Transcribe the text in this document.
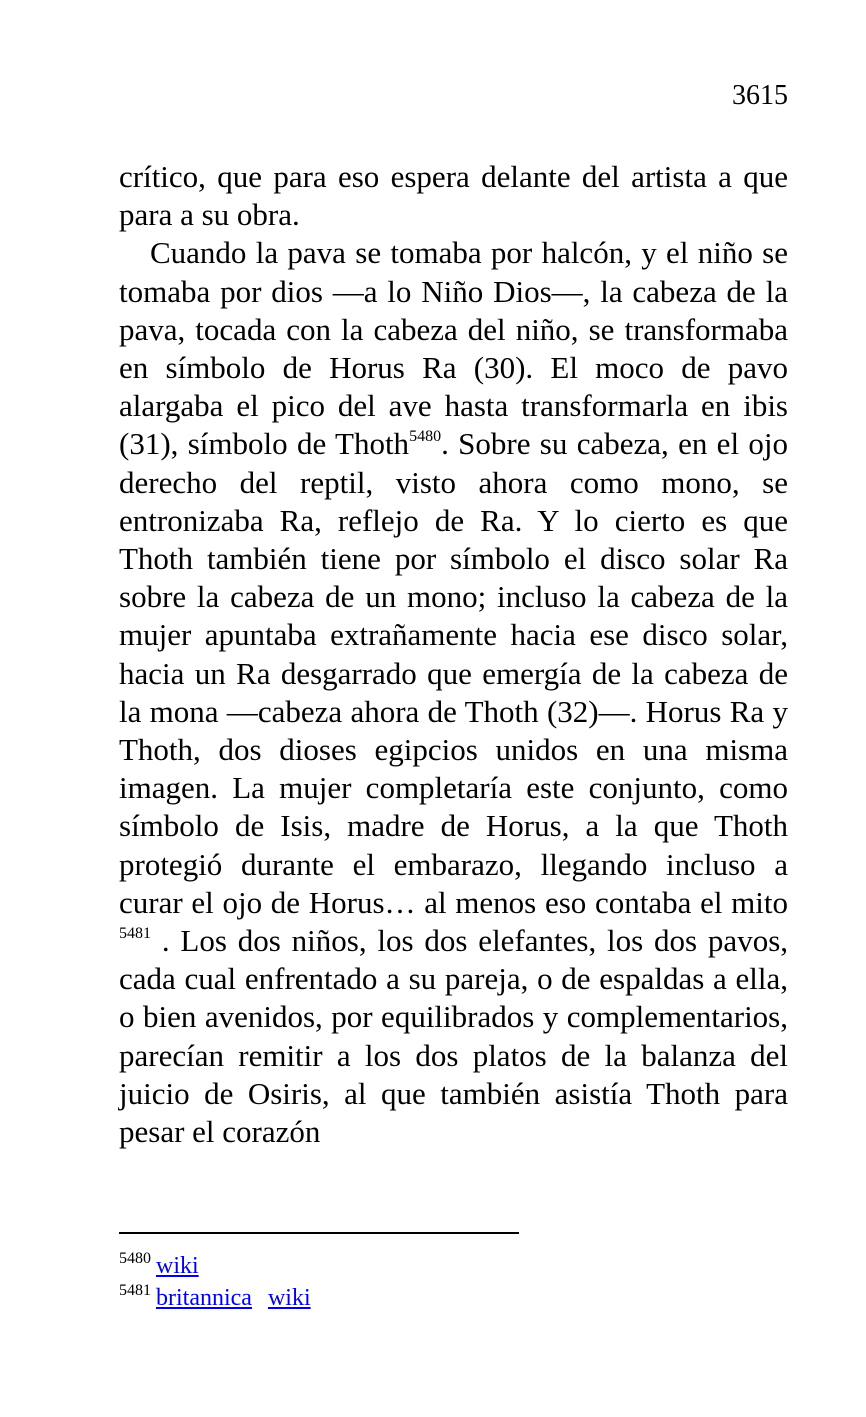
3615

crítico, que para eso espera delante del artista a que para a su obra.

Cuando la pava se tomaba por halcón, y el niño se tomaba por dios —a lo Niño Dios—, la cabeza de la pava, tocada con la cabeza del niño, se transformaba en símbolo de Horus Ra (30). El moco de pavo alargaba el pico del ave hasta transformarla en ibis (31), símbolo de Thoth$^{5480}$. Sobre su cabeza, en el ojo derecho del reptil, visto ahora como mono, se entronizaba Ra, reflejo de Ra. Y lo cierto es que Thoth también tiene por símbolo el disco solar Ra sobre la cabeza de un mono; incluso la cabeza de la mujer apuntaba extrañamente hacia ese disco solar, hacia un Ra desgarrado que emergía de la cabeza de la mona —cabeza ahora de Thoth (32)—. Horus Ra y Thoth, dos dioses egipcios unidos en una misma imagen. La mujer completaría este conjunto, como símbolo de Isis, madre de Horus, a la que Thoth protegió durante el embarazo, llegando incluso a curar el ojo de Horus… al menos eso contaba el mito $^{5481}$ . Los dos niños, los dos elefantes, los dos pavos, cada cual enfrentado a su pareja, o de espaldas a ella, o bien avenidos, por equilibrados y complementarios, parecían remitir a los dos platos de la balanza del juicio de Osiris, al que también asistía Thoth para pesar el corazón

$^{5480}$ wiki
$^{5481}$ britannica wiki
